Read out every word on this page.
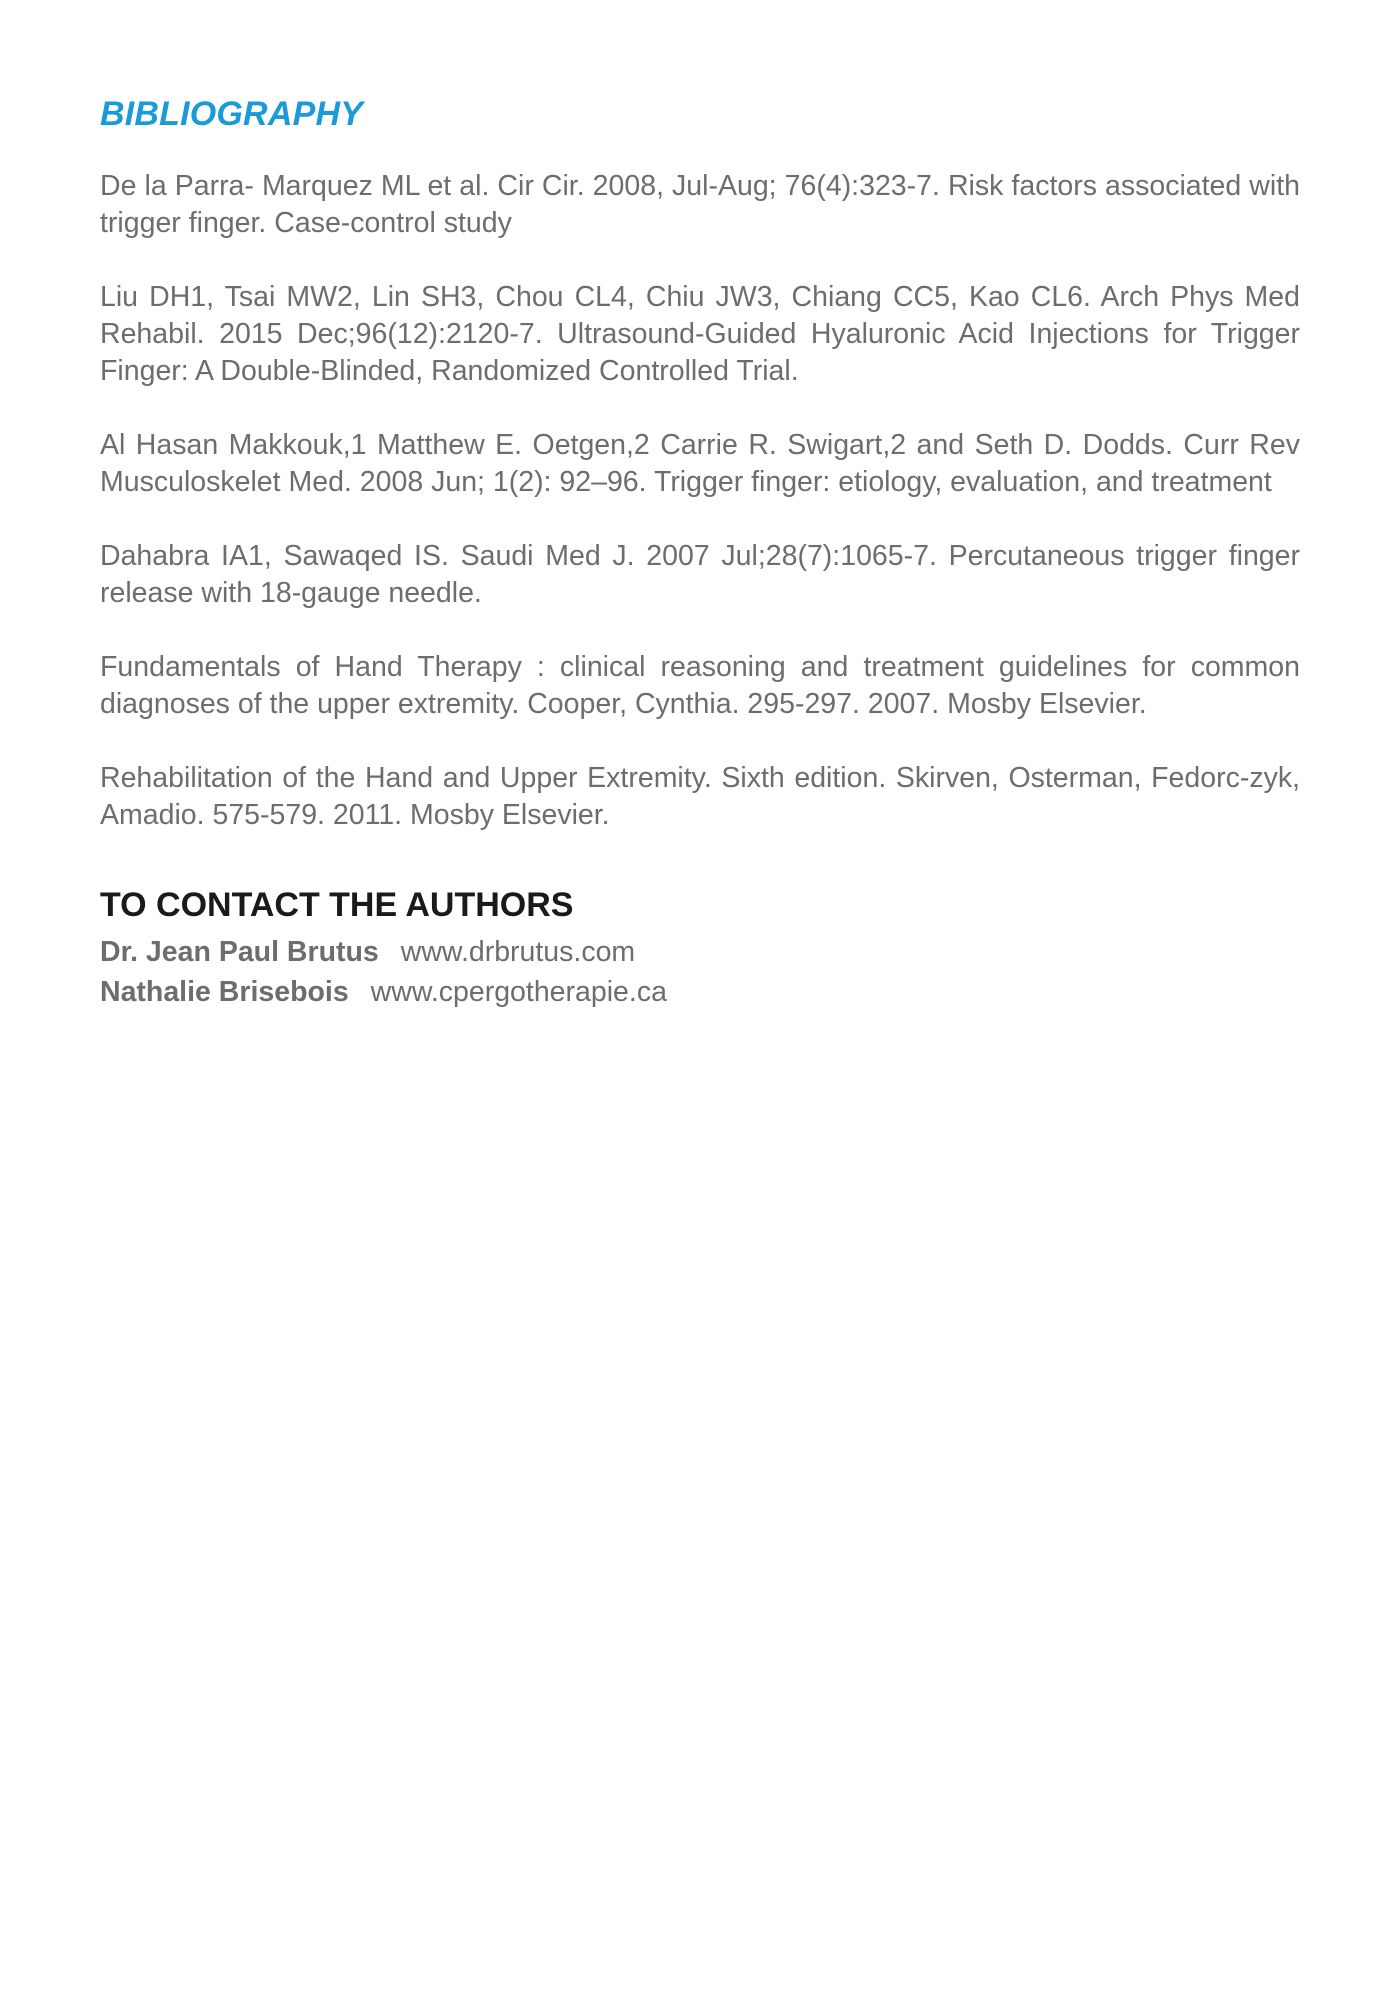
BIBLIOGRAPHY
De la Parra- Marquez ML et al. Cir Cir. 2008, Jul-Aug; 76(4):323-7. Risk factors associated with trigger finger. Case-control study
Liu DH1, Tsai MW2, Lin SH3, Chou CL4, Chiu JW3, Chiang CC5, Kao CL6. Arch Phys Med Rehabil. 2015 Dec;96(12):2120-7. Ultrasound-Guided Hyaluronic Acid Injections for Trigger Finger: A Double-Blinded, Randomized Controlled Trial.
Al Hasan Makkouk,1 Matthew E. Oetgen,2 Carrie R. Swigart,2 and Seth D. Dodds. Curr Rev Musculoskelet Med. 2008 Jun; 1(2): 92–96. Trigger finger: etiology, evaluation, and treatment
Dahabra IA1, Sawaqed IS. Saudi Med J. 2007 Jul;28(7):1065-7. Percutaneous trigger finger release with 18-gauge needle.
Fundamentals of Hand Therapy : clinical reasoning and treatment guidelines for common diagnoses of the upper extremity. Cooper, Cynthia. 295-297. 2007. Mosby Elsevier.
Rehabilitation of the Hand and Upper Extremity. Sixth edition. Skirven, Osterman, Fedorc-zyk, Amadio. 575-579. 2011. Mosby Elsevier.
TO CONTACT THE AUTHORS
Dr. Jean Paul Brutus www.drbrutus.com
Nathalie Brisebois www.cpergotherapie.ca
